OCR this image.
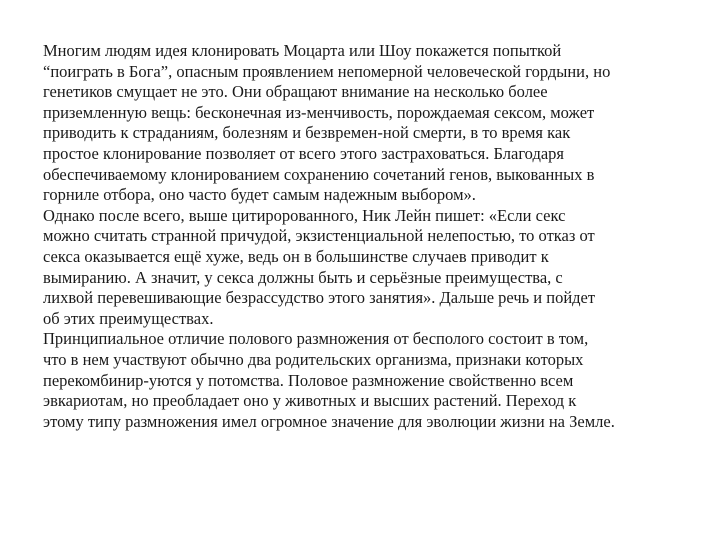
Многим людям идея клонировать Моцарта или Шоу покажется попыткой
“поиграть в Бога”, опасным проявлением непомерной человеческой гордыни, но
генетиков смущает не это. Они обращают внимание на несколько более
приземленную вещь: бесконечная из-менчивость, порождаемая сексом, может
приводить к страданиям, болезням и безвремен-ной смерти, в то время как
простое клонирование позволяет от всего этого застраховаться. Благодаря
обеспечиваемому клонированием сохранению сочетаний генов, выкованных в
горниле отбора, оно часто будет самым надежным выбором».
Однако после всего, выше цитиророванного, Ник Лейн пишет: «Если секс
можно считать странной причудой, экзистенциальной нелепостью, то отказ от
секса оказывается ещё хуже, ведь он в большинстве случаев приводит к
вымиранию. А значит, у секса должны быть и серьёзные преимущества, с
лихвой перевешивающие безрассудство этого занятия». Дальше речь и пойдет
об этих преимуществах.
Принципиальное отличие полового размножения от бесполого состоит в том,
что в нем участвуют обычно два родительских организма, признаки которых
перекомбинир-уются у потомства. Половое размножение свойственно всем
эвкариотам, но преобладает оно у животных и высших растений. Переход к
этому типу размножения имел огромное значение для эволюции жизни на Земле.
